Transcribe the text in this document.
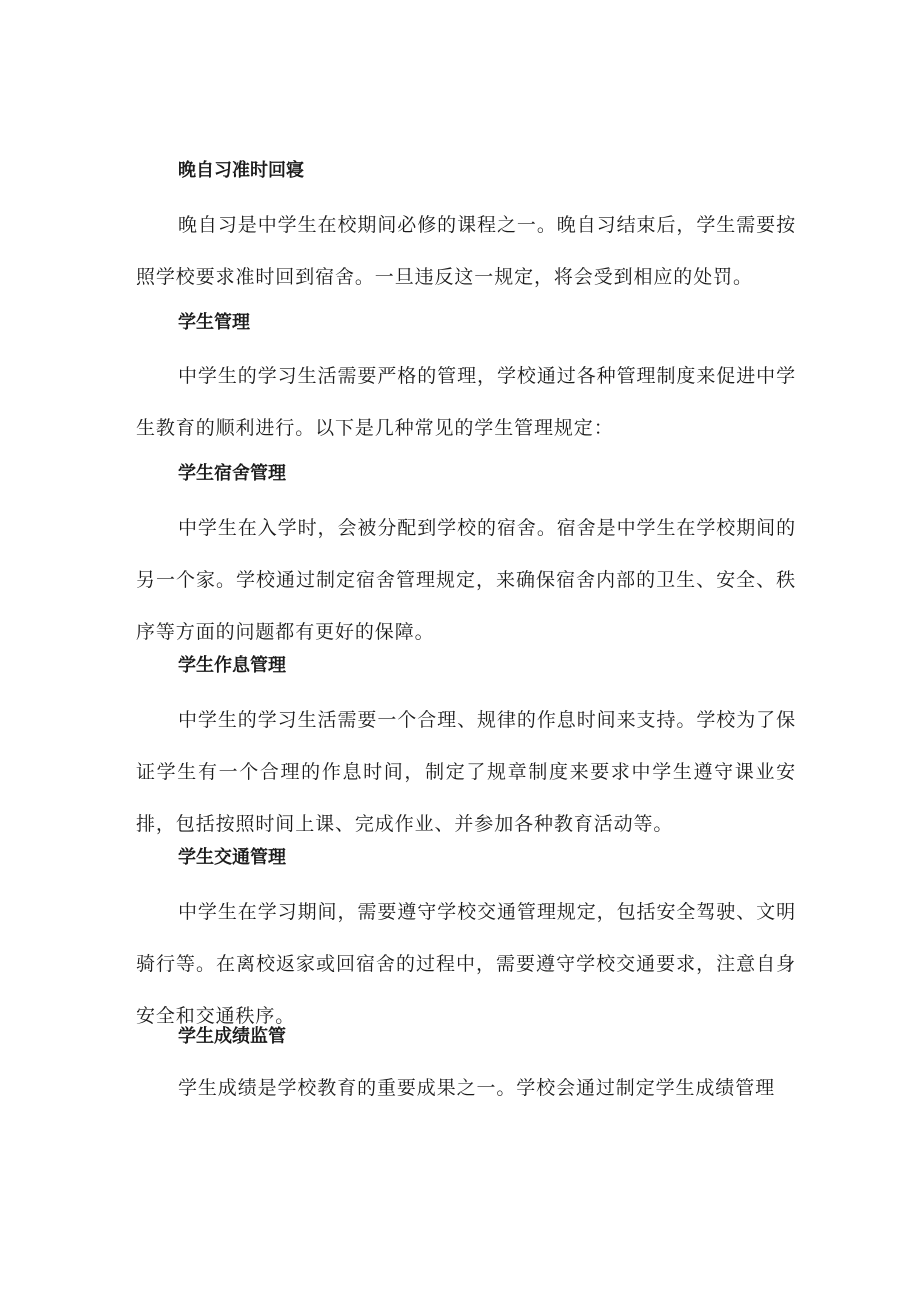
晚自习准时回寝

晚自习是中学生在校期间必修的课程之一。晚自习结束后，学生需要按照学校要求准时回到宿舍。一旦违反这一规定，将会受到相应的处罚。

学生管理

中学生的学习生活需要严格的管理，学校通过各种管理制度来促进中学生教育的顺利进行。以下是几种常见的学生管理规定：

学生宿舍管理

中学生在入学时，会被分配到学校的宿舍。宿舍是中学生在学校期间的另一个家。学校通过制定宿舍管理规定，来确保宿舍内部的卫生、安全、秩序等方面的问题都有更好的保障。

学生作息管理

中学生的学习生活需要一个合理、规律的作息时间来支持。学校为了保证学生有一个合理的作息时间，制定了规章制度来要求中学生遵守课业安排，包括按照时间上课、完成作业、并参加各种教育活动等。

学生交通管理

中学生在学习期间，需要遵守学校交通管理规定，包括安全驾驶、文明骑行等。在离校返家或回宿舍的过程中，需要遵守学校交通要求，注意自身安全和交通秩序。

学生成绩监管

学生成绩是学校教育的重要成果之一。学校会通过制定学生成绩管理
